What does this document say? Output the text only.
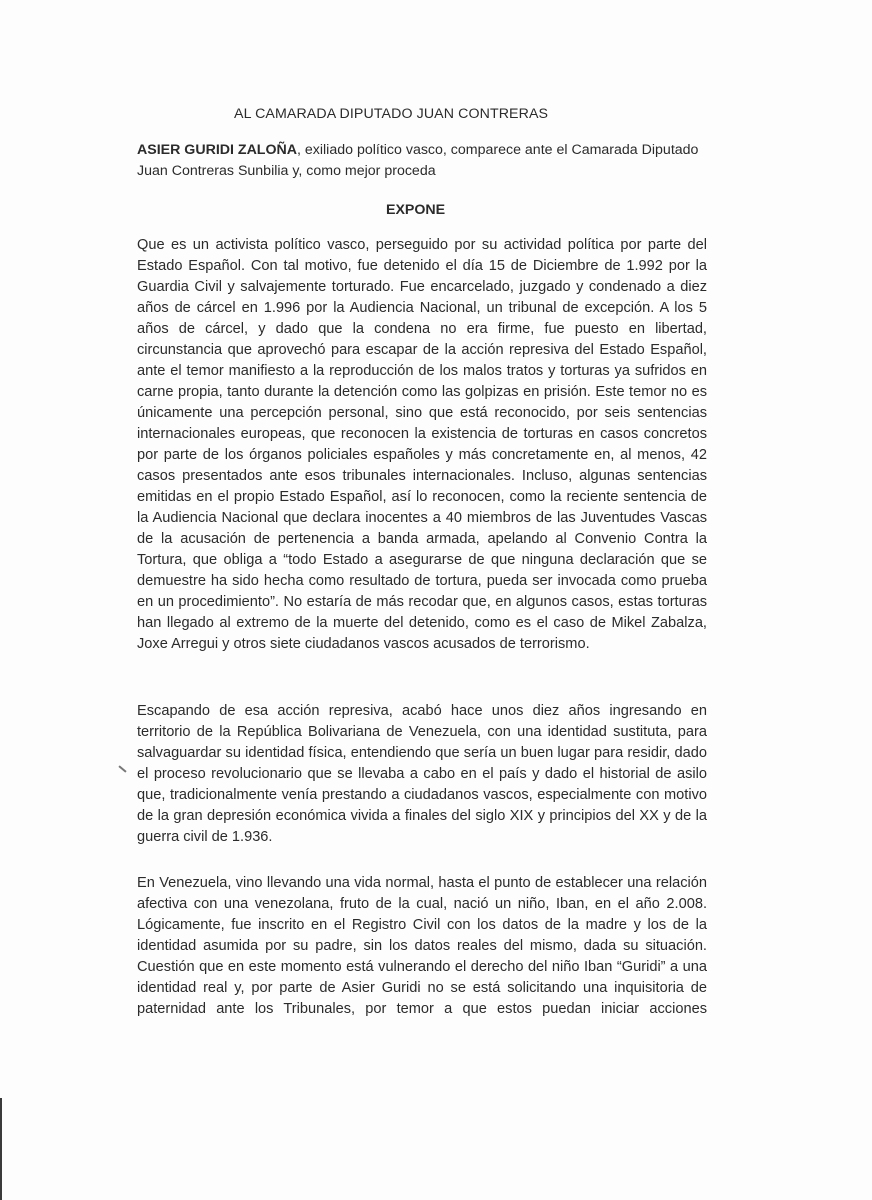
AL CAMARADA DIPUTADO JUAN CONTRERAS
ASIER GURIDI ZALOÑA, exiliado político vasco, comparece ante el Camarada Diputado Juan Contreras Sunbilia y, como mejor proceda
EXPONE

Que es un activista político vasco, perseguido por su actividad política por parte del Estado Español. Con tal motivo, fue detenido el día 15 de Diciembre de 1.992 por la Guardia Civil y salvajemente torturado. Fue encarcelado, juzgado y condenado a diez años de cárcel en 1.996 por la Audiencia Nacional, un tribunal de excepción. A los 5 años de cárcel, y dado que la condena no era firme, fue puesto en libertad, circunstancia que aprovechó para escapar de la acción represiva del Estado Español, ante el temor manifiesto a la reproducción de los malos tratos y torturas ya sufridos en carne propia, tanto durante la detención como las golpizas en prisión. Este temor no es únicamente una percepción personal, sino que está reconocido, por seis sentencias internacionales europeas, que reconocen la existencia de torturas en casos concretos por parte de los órganos policiales españoles y más concretamente en, al menos, 42 casos presentados ante esos tribunales internacionales. Incluso, algunas sentencias emitidas en el propio Estado Español, así lo reconocen, como la reciente sentencia de la Audiencia Nacional que declara inocentes a 40 miembros de las Juventudes Vascas de la acusación de pertenencia a banda armada, apelando al Convenio Contra la Tortura, que obliga a “todo Estado a asegurarse de que ninguna declaración que se demuestre ha sido hecha como resultado de tortura, pueda ser invocada como prueba en un procedimiento”. No estaría de más recodar que, en algunos casos, estas torturas han llegado al extremo de la muerte del detenido, como es el caso de Mikel Zabalza, Joxe Arregui y otros siete ciudadanos vascos acusados de terrorismo.

Escapando de esa acción represiva, acabó hace unos diez años ingresando en territorio de la República Bolivariana de Venezuela, con una identidad sustituta, para salvaguardar su identidad física, entendiendo que sería un buen lugar para residir, dado el proceso revolucionario que se llevaba a cabo en el país y dado el historial de asilo que, tradicionalmente venía prestando a ciudadanos vascos, especialmente con motivo de la gran depresión económica vivida a finales del siglo XIX y principios del XX y de la guerra civil de 1.936.

En Venezuela, vino llevando una vida normal, hasta el punto de establecer una relación afectiva con una venezolana, fruto de la cual, nació un niño, Iban, en el año 2.008. Lógicamente, fue inscrito en el Registro Civil con los datos de la madre y los de la identidad asumida por su padre, sin los datos reales del mismo, dada su situación. Cuestión que en este momento está vulnerando el derecho del niño Iban “Guridi” a una identidad real y, por parte de Asier Guridi no se está solicitando una inquisitoria de paternidad ante los Tribunales, por temor a que estos puedan iniciar acciones
